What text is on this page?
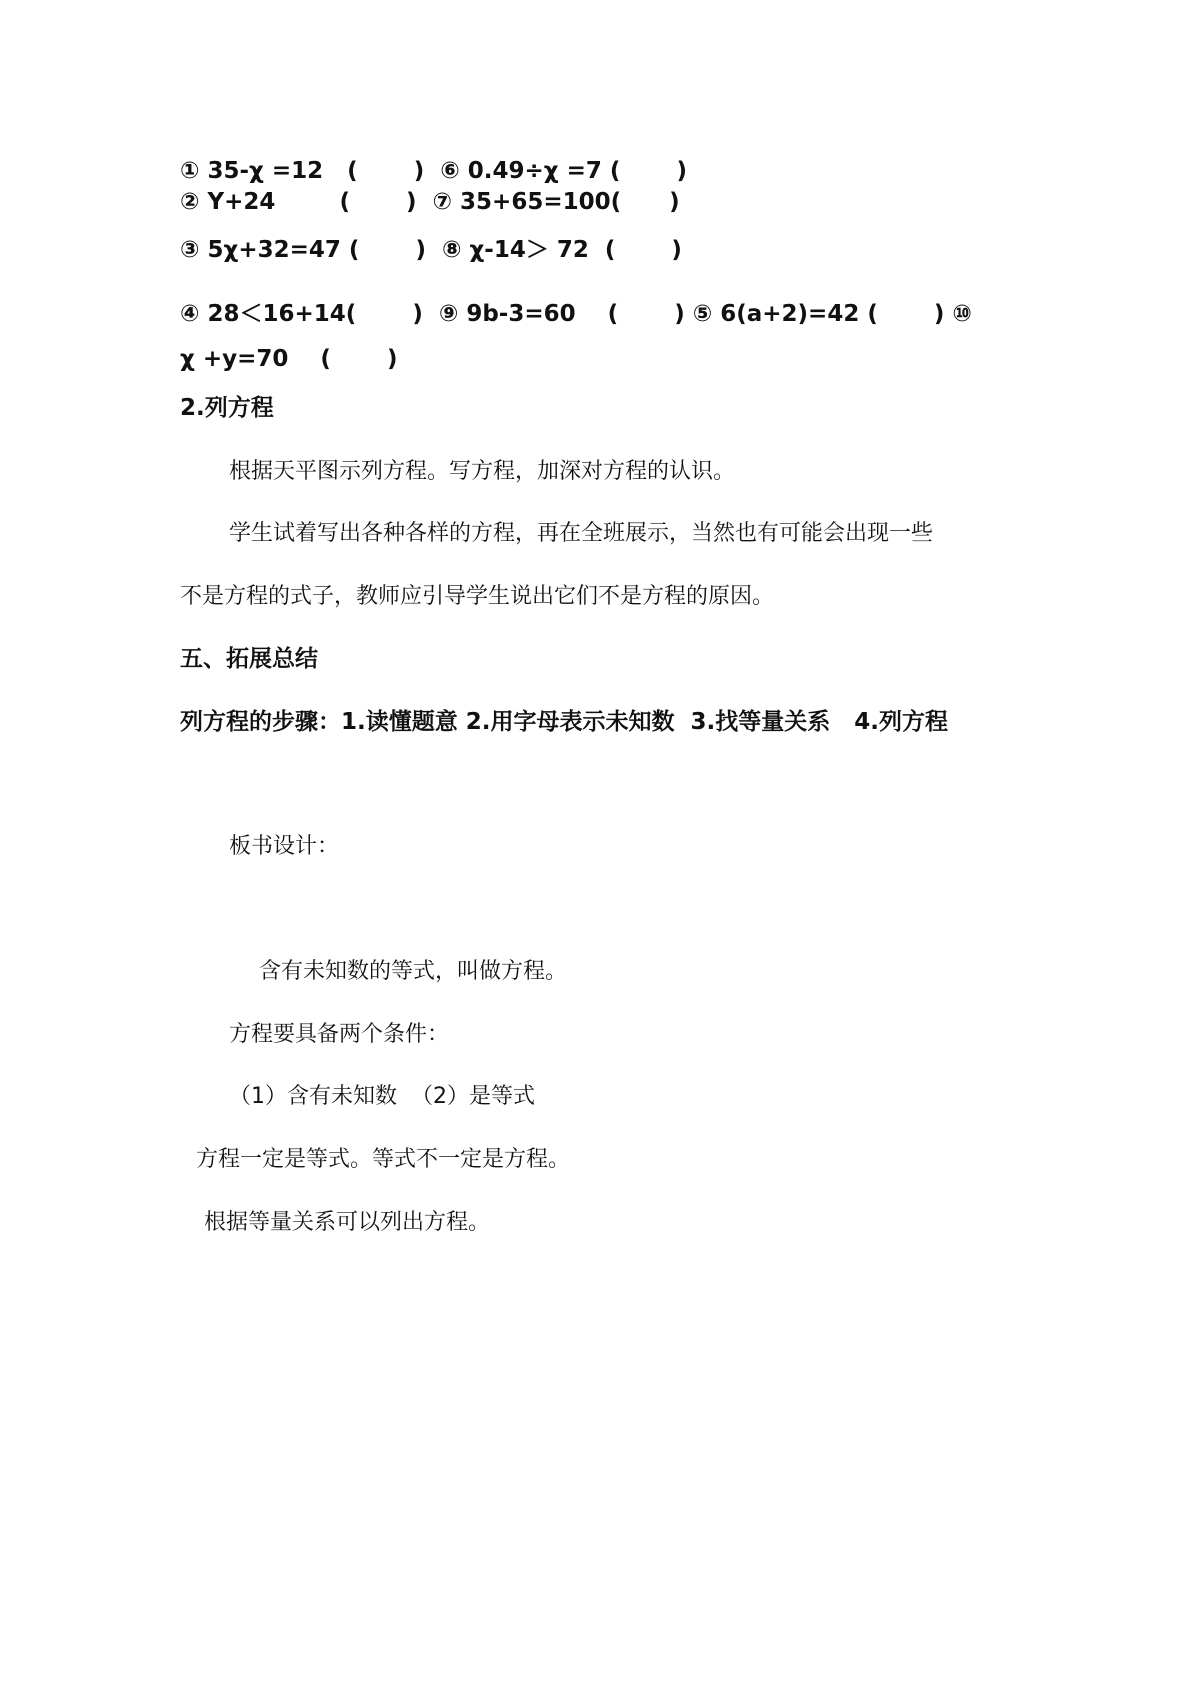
① 35-χ =12   (       )  ⑥ 0.49÷χ =7 (       )
② Y+24        (       )  ⑦ 35+65=100(      )
③ 5χ+32=47 (       )  ⑧ χ-14＞ 72  (       )
④ 28＜16+14(       )  ⑨ 9b-3=60    (       ) ⑤ 6(a+2)=42 (       ) ⑩
χ +y=70    (       )
2.列方程
根据天平图示列方程。写方程，加深对方程的认识。
学生试着写出各种各样的方程，再在全班展示，当然也有可能会出现一些
不是方程的式子，教师应引导学生说出它们不是方程的原因。
五、拓展总结
列方程的步骤：1.读懂题意 2.用字母表示未知数  3.找等量关系   4.列方程
板书设计：
含有未知数的等式，叫做方程。
方程要具备两个条件：
（1）含有未知数  （2）是等式
方程一定是等式。等式不一定是方程。
根据等量关系可以列出方程。
